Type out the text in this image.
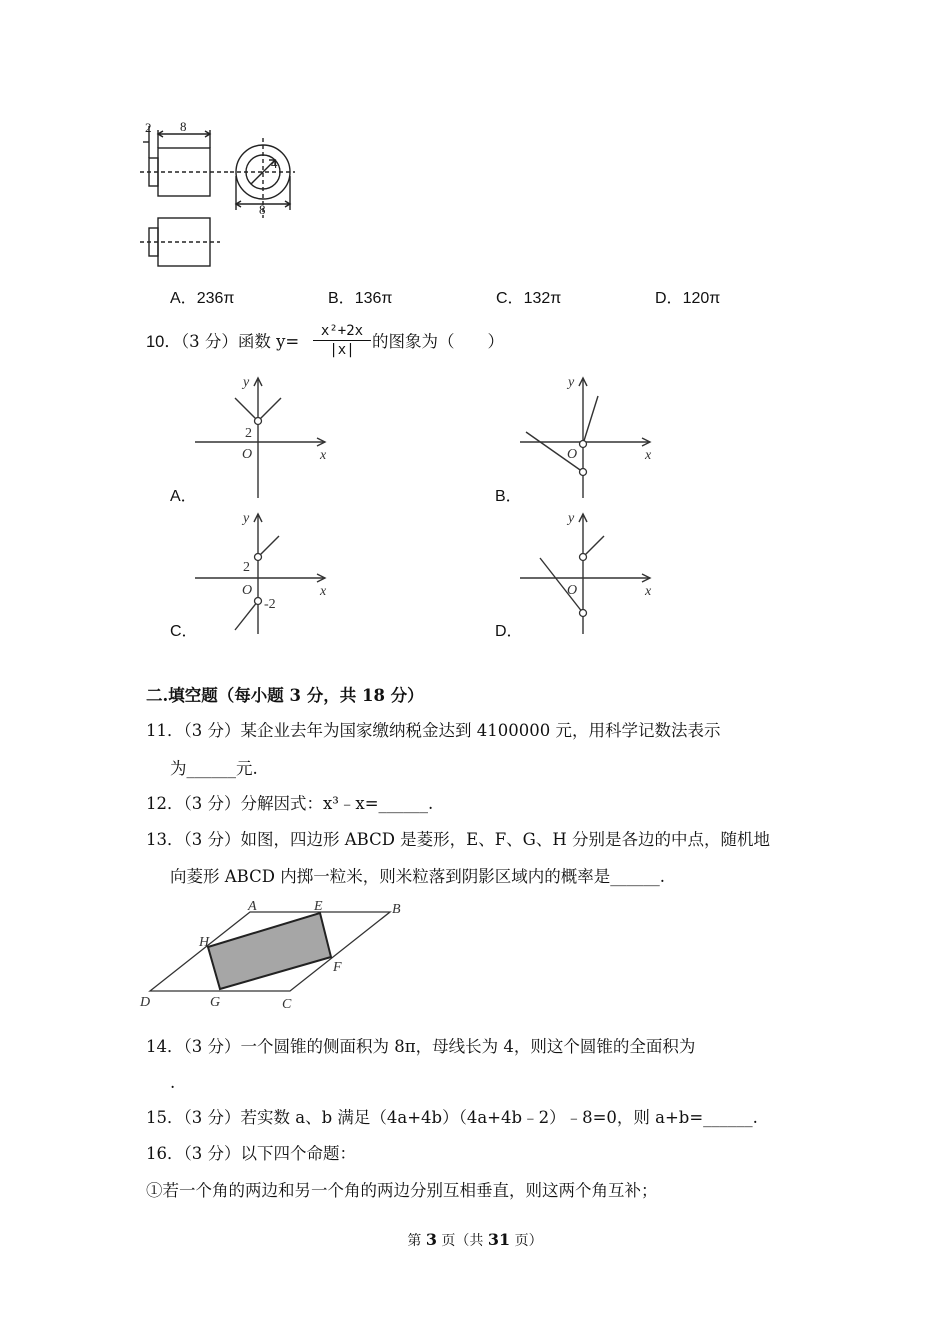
2 8
4
8
A．236π	B．136π	C．132π	D．120π
10．（3 分）函数 y=
x²+2x
|x|	的图象为（　　）
y
x
O
2
A．
y
x
O
B．
y
x
O
2
-2
C．
y
x
O
D．
二.填空题（每小题 3 分，共 18 分）
11．（3 分）某企业去年为国家缴纳税金达到 4100000 元，用科学记数法表示
为______元.
12．（3 分）分解因式：x³﹣x=______.
13．（3 分）如图，四边形 ABCD 是菱形，E、F、G、H 分别是各边的中点，随机地
向菱形 ABCD 内掷一粒米，则米粒落到阴影区域内的概率是______.
A	B
C
D
E
F
G
H
14．（3 分）一个圆锥的侧面积为 8π，母线长为 4，则这个圆锥的全面积为
.
15．（3 分）若实数 a、b 满足（4a+4b）（4a+4b﹣2）﹣8=0，则 a+b=______.
16．（3 分）以下四个命题：
①若一个角的两边和另一个角的两边分别互相垂直，则这两个角互补；
第 3 页（共 31 页）
